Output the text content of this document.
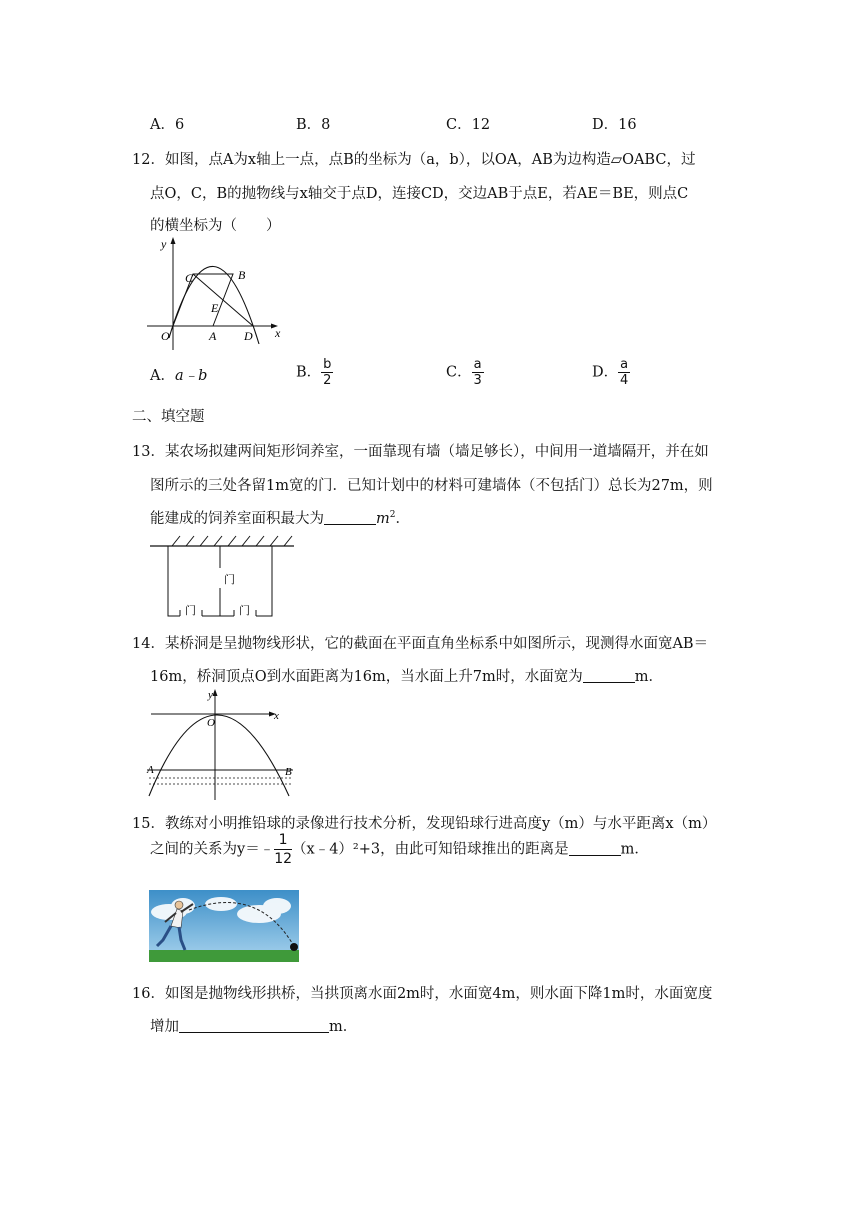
A．6	B．8	C．12	D．16
12．如图，点A为x轴上一点，点B的坐标为（a，b），以OA，AB为边构造▱OABC，过
点O，C，B的抛物线与x轴交于点D，连接CD，交边AB于点E，若AE＝BE，则点C
的横坐标为（　　）
y
x
O	A
B
C
D
E
A．a﹣b	B． $\frac{b}{2}$	C． $\frac{a}{3}$	D． $\frac{a}{4}$
二、填空题
13．某农场拟建两间矩形饲养室，一面靠现有墙（墙足够长），中间用一道墙隔开，并在如
图所示的三处各留1m宽的门．已知计划中的材料可建墙体（不包括门）总长为27m，则
能建成的饲养室面积最大为	$m^2$．
门
门	门
14．某桥洞是呈抛物线形状，它的截面在平面直角坐标系中如图所示，现测得水面宽AB＝
16m，桥洞顶点O到水面距离为16m，当水面上升7m时，水面宽为	m．
y
x
O
A	B
15．教练对小明推铅球的录像进行技术分析，发现铅球行进高度y（m）与水平距离x（m）
之间的关系为y＝﹣ $\frac{1}{12}$ （x﹣4）²+3，由此可知铅球推出的距离是	m．
16．如图是抛物线形拱桥，当拱顶离水面2m时，水面宽4m，则水面下降1m时，水面宽度
增加	m．
